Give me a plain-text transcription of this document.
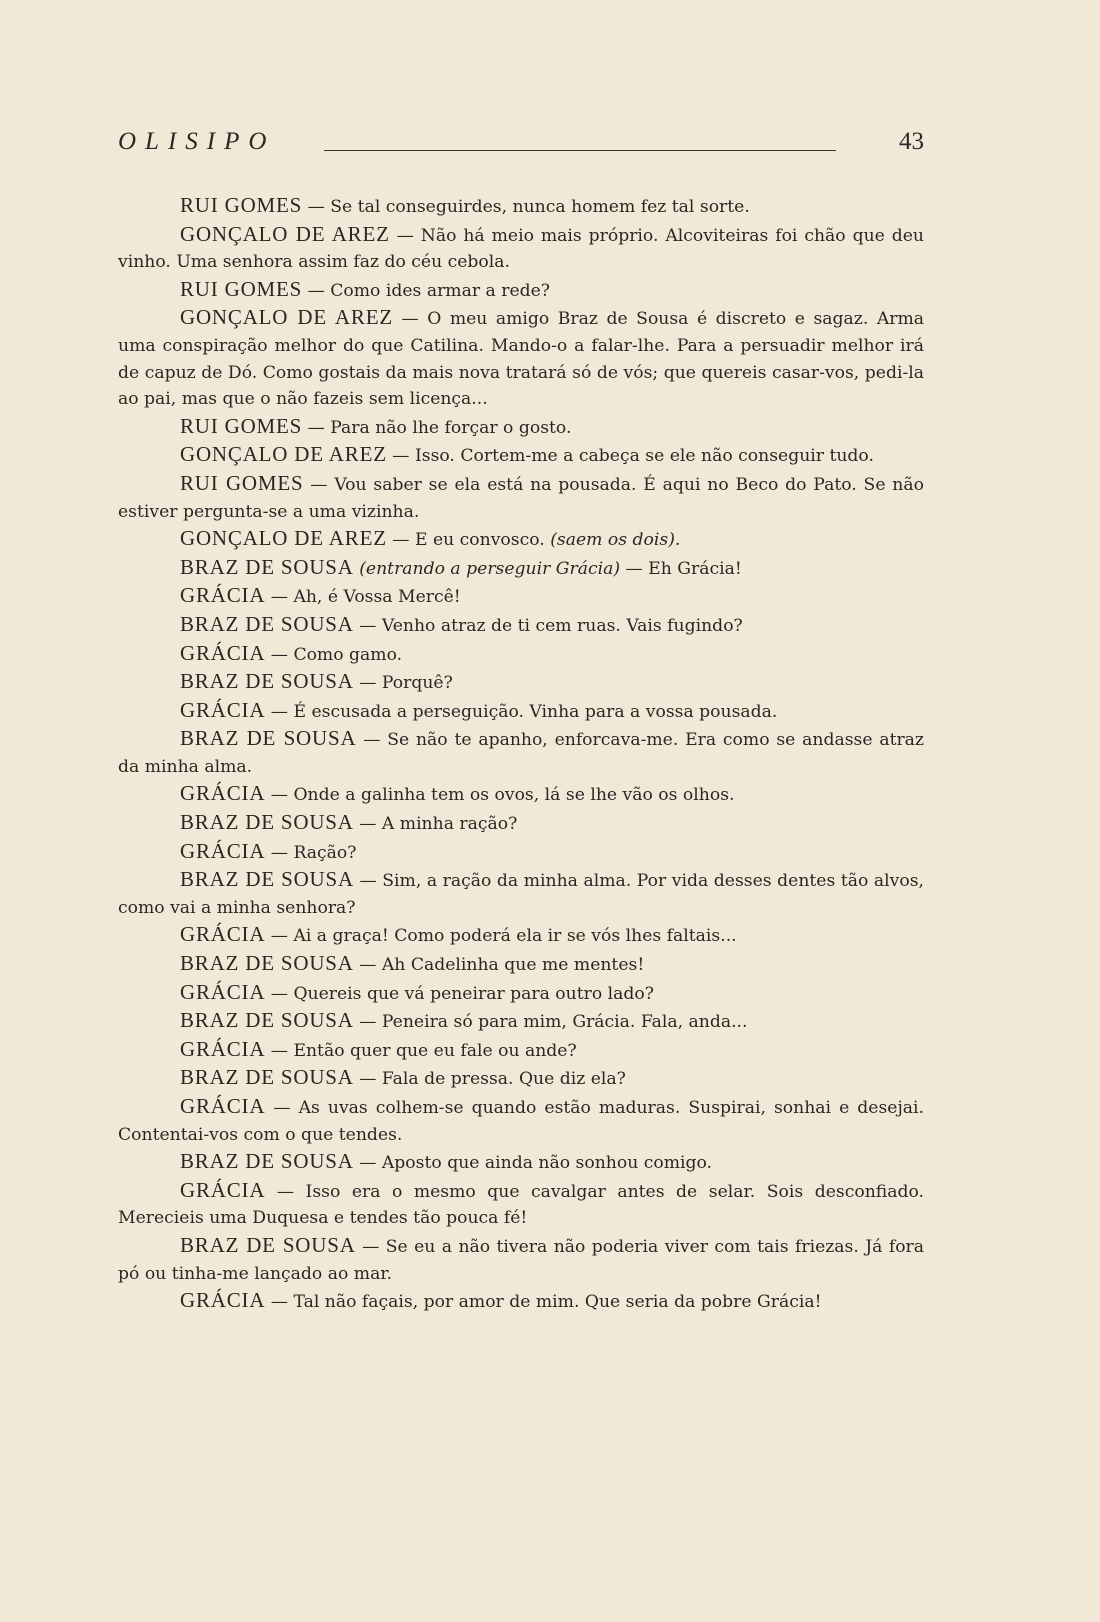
OLISIPO	43

RUI GOMES — Se tal conseguirdes, nunca homem fez tal sorte.

GONÇALO DE AREZ — Não há meio mais próprio. Alcoviteiras foi chão que deu vinho. Uma senhora assim faz do céu cebola.

RUI GOMES — Como ides armar a rede?

GONÇALO DE AREZ — O meu amigo Braz de Sousa é discreto e sagaz. Arma uma conspiração melhor do que Catilina. Mando-o a falar-lhe. Para a persuadir melhor irá de capuz de Dó. Como gostais da mais nova tratará só de vós; que quereis casar-vos, pedi-la ao pai, mas que o não fazeis sem licença...

RUI GOMES — Para não lhe forçar o gosto.

GONÇALO DE AREZ — Isso. Cortem-me a cabeça se ele não conseguir tudo.

RUI GOMES — Vou saber se ela está na pousada. É aqui no Beco do Pato. Se não estiver pergunta-se a uma vizinha.

GONÇALO DE AREZ — E eu convosco. (saem os dois).

BRAZ DE SOUSA (entrando a perseguir Grácia) — Eh Grácia!

GRÁCIA — Ah, é Vossa Mercê!

BRAZ DE SOUSA — Venho atraz de ti cem ruas. Vais fugindo?

GRÁCIA — Como gamo.

BRAZ DE SOUSA — Porquê?

GRÁCIA — É escusada a perseguição. Vinha para a vossa pousada.

BRAZ DE SOUSA — Se não te apanho, enforcava-me. Era como se andasse atraz da minha alma.

GRÁCIA — Onde a galinha tem os ovos, lá se lhe vão os olhos.

BRAZ DE SOUSA — A minha ração?

GRÁCIA — Ração?

BRAZ DE SOUSA — Sim, a ração da minha alma. Por vida desses dentes tão alvos, como vai a minha senhora?

GRÁCIA — Ai a graça! Como poderá ela ir se vós lhes faltais...

BRAZ DE SOUSA — Ah Cadelinha que me mentes!

GRÁCIA — Quereis que vá peneirar para outro lado?

BRAZ DE SOUSA — Peneira só para mim, Grácia. Fala, anda...

GRÁCIA — Então quer que eu fale ou ande?

BRAZ DE SOUSA — Fala de pressa. Que diz ela?

GRÁCIA — As uvas colhem-se quando estão maduras. Suspirai, sonhai e desejai. Contentai-vos com o que tendes.

BRAZ DE SOUSA — Aposto que ainda não sonhou comigo.

GRÁCIA — Isso era o mesmo que cavalgar antes de selar. Sois desconfiado. Merecieis uma Duquesa e tendes tão pouca fé!

BRAZ DE SOUSA — Se eu a não tivera não poderia viver com tais friezas. Já fora pó ou tinha-me lançado ao mar.

GRÁCIA — Tal não façais, por amor de mim. Que seria da pobre Grácia!
